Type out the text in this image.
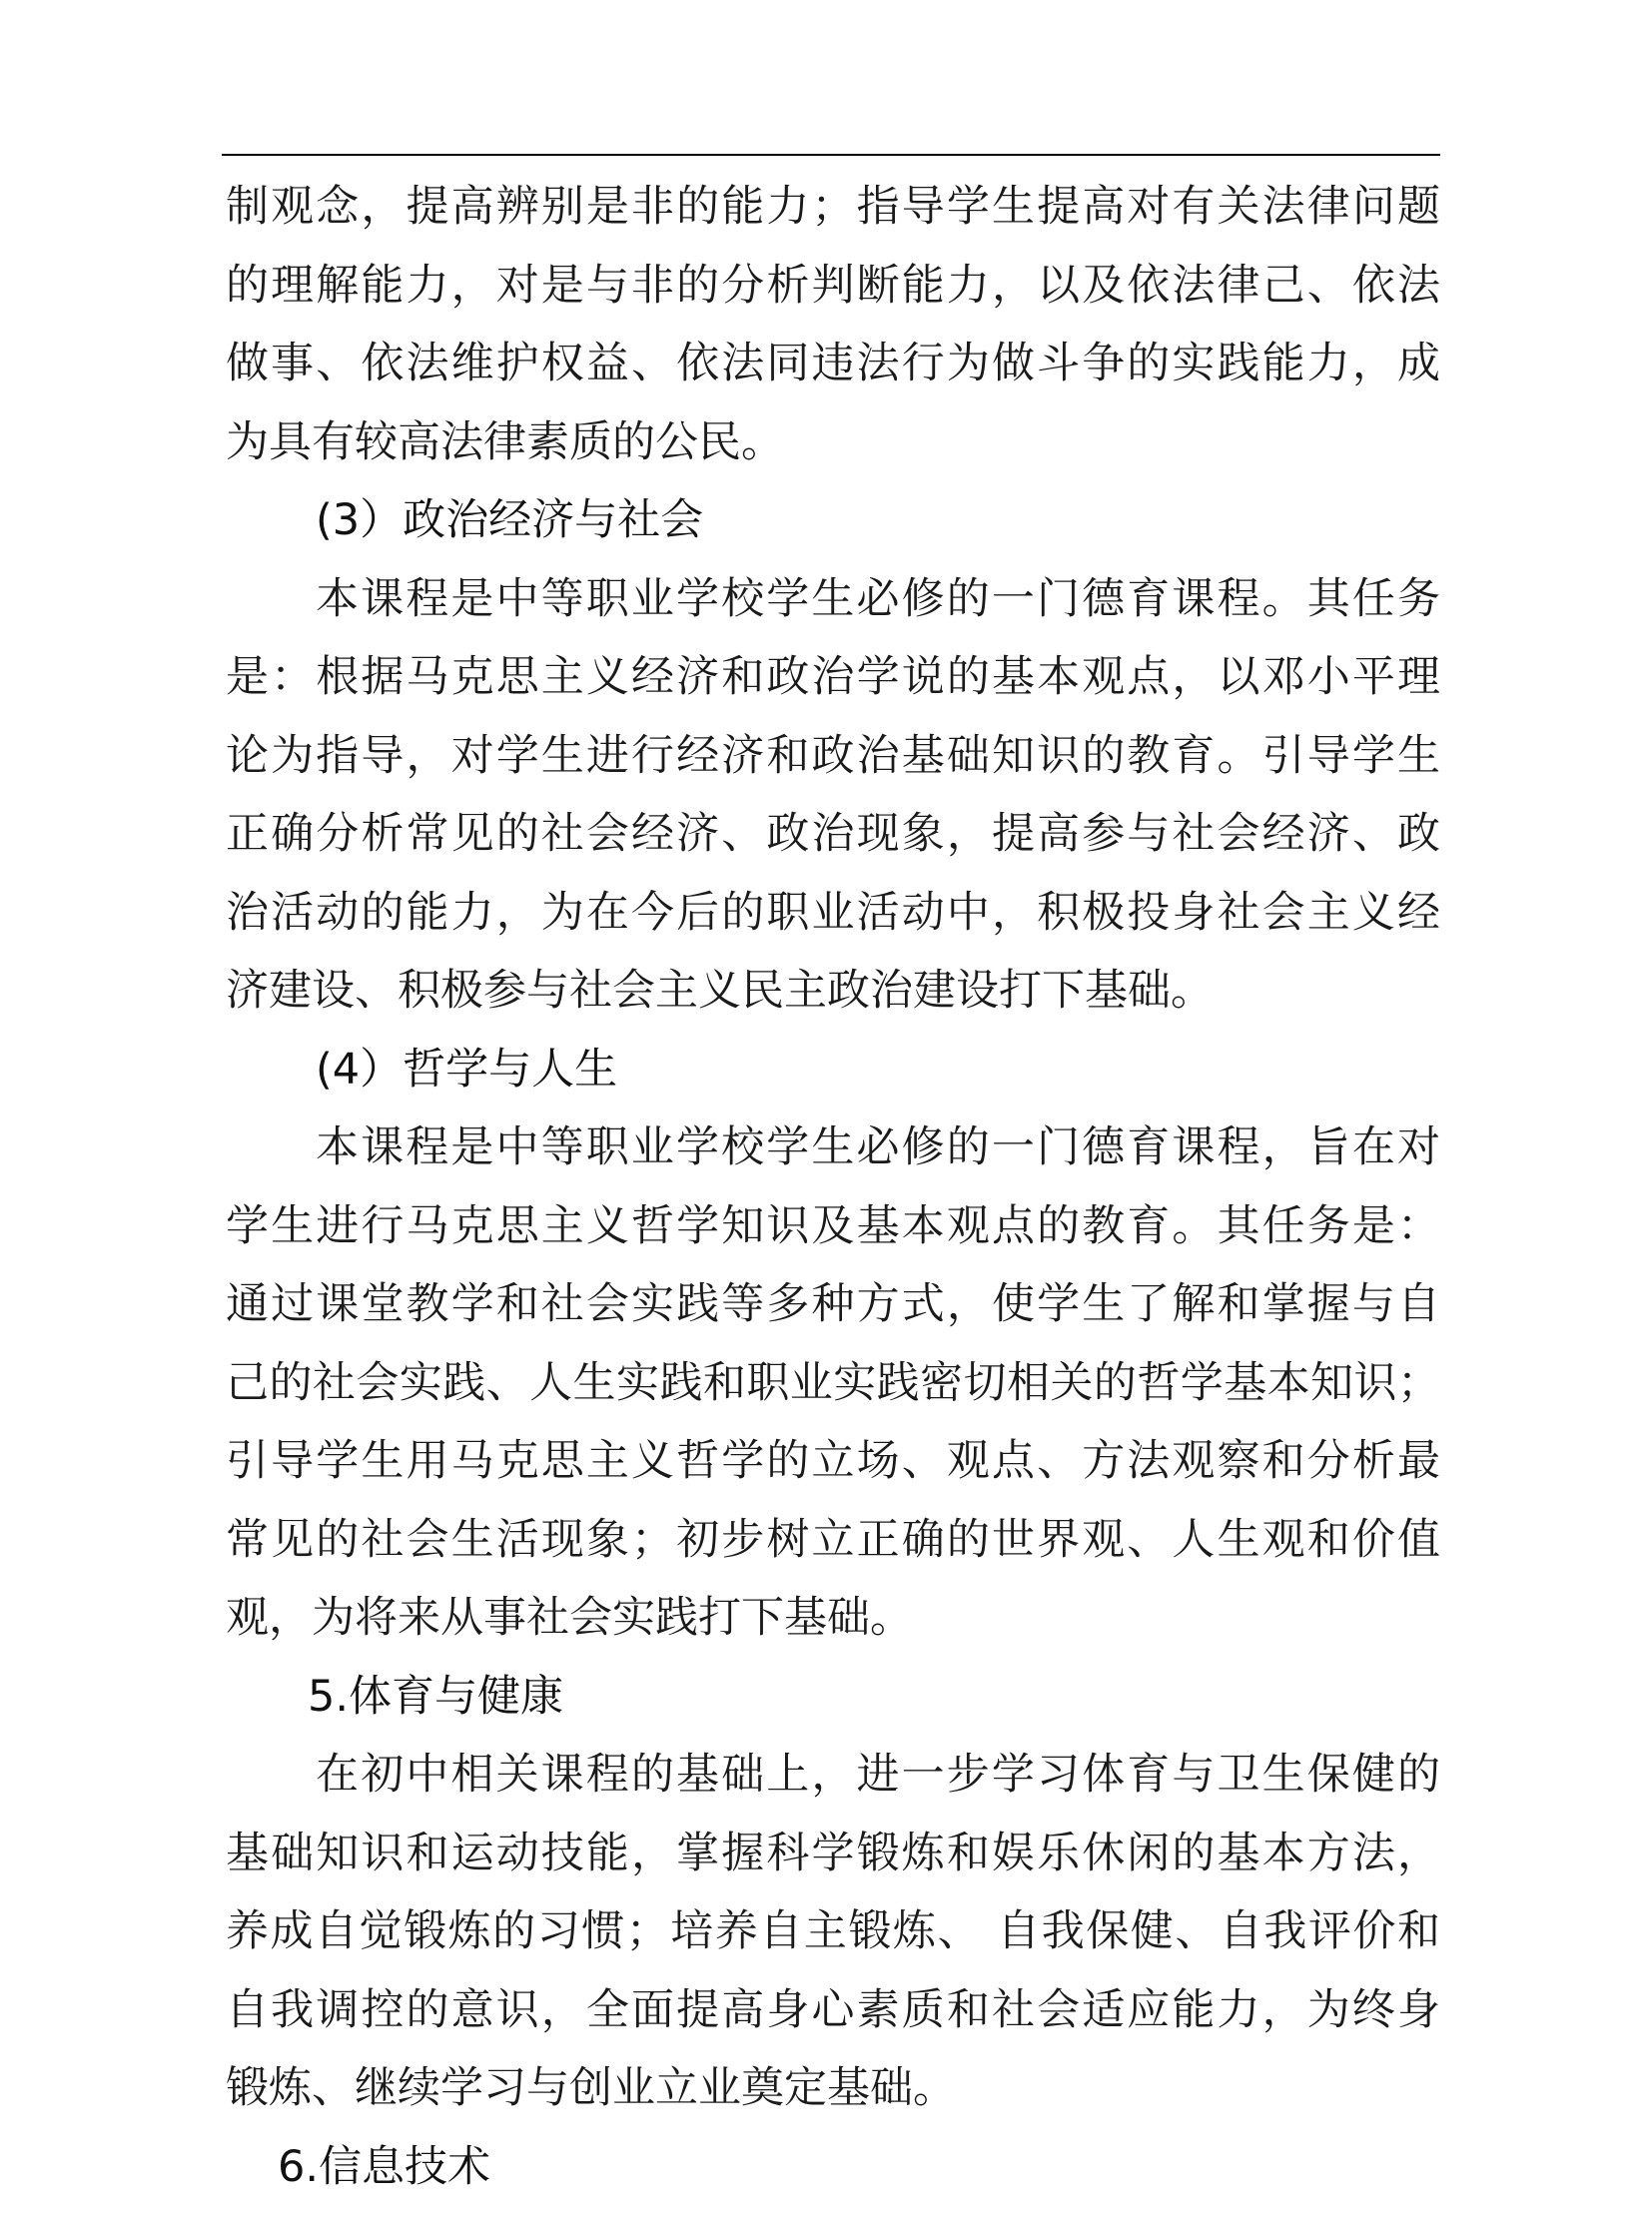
制观念，提高辨别是非的能力；指导学生提高对有关法律问题
的理解能力，对是与非的分析判断能力，以及依法律己、依法
做事、依法维护权益、依法同违法行为做斗争的实践能力，成
为具有较高法律素质的公民。
(3）政治经济与社会
本课程是中等职业学校学生必修的一门德育课程。其任务
是：根据马克思主义经济和政治学说的基本观点，以邓小平理
论为指导，对学生进行经济和政治基础知识的教育。引导学生
正确分析常见的社会经济、政治现象，提高参与社会经济、政
治活动的能力，为在今后的职业活动中，积极投身社会主义经
济建设、积极参与社会主义民主政治建设打下基础。
(4）哲学与人生
本课程是中等职业学校学生必修的一门德育课程，旨在对
学生进行马克思主义哲学知识及基本观点的教育。其任务是：
通过课堂教学和社会实践等多种方式，使学生了解和掌握与自
己的社会实践、人生实践和职业实践密切相关的哲学基本知识；
引导学生用马克思主义哲学的立场、观点、方法观察和分析最
常见的社会生活现象；初步树立正确的世界观、人生观和价值
观，为将来从事社会实践打下基础。
5.体育与健康
在初中相关课程的基础上，进一步学习体育与卫生保健的
基础知识和运动技能，掌握科学锻炼和娱乐休闲的基本方法，
养成自觉锻炼的习惯；培养自主锻炼、 自我保健、自我评价和
自我调控的意识，全面提高身心素质和社会适应能力，为终身
锻炼、继续学习与创业立业奠定基础。
6.信息技术
